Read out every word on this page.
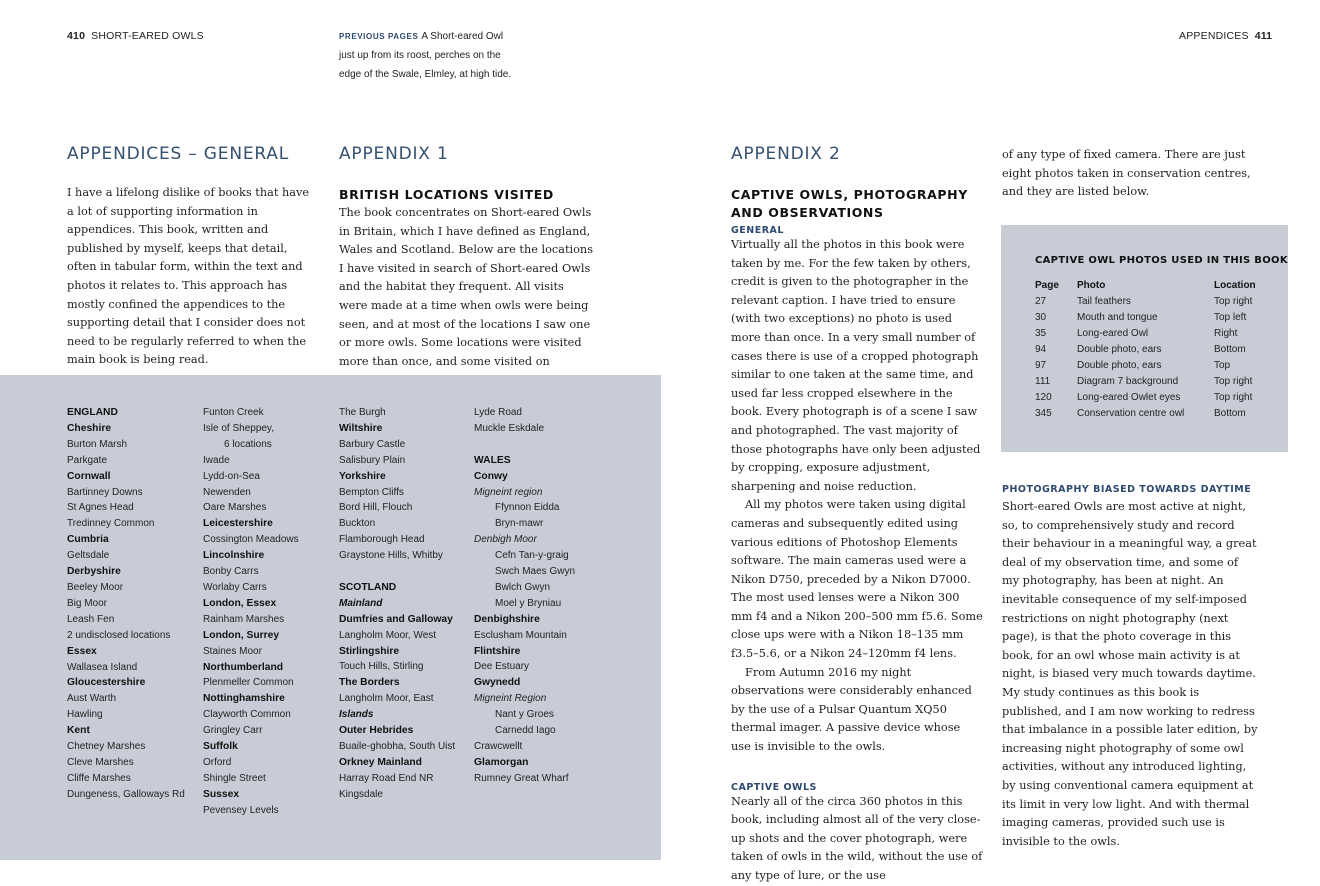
410 SHORT-EARED OWLS	PREVIOUS PAGES A Short-eared Owl just up from its roost, perches on the edge of the Swale, Elmley, at high tide.
APPENDICES – GENERAL

I have a lifelong dislike of books that have a lot of supporting information in appendices. This book, written and published by myself, keeps that detail, often in tabular form, within the text and photos it relates to. This approach has mostly confined the appendices to the supporting detail that I consider does not need to be regularly referred to when the main book is being read.

APPENDIX 1
BRITISH LOCATIONS VISITED

The book concentrates on Short-eared Owls in Britain, which I have defined as England, Wales and Scotland. Below are the locations I have visited in search of Short-eared Owls and the habitat they frequent. All visits were made at a time when owls were being seen, and at most of the locations I saw one or more owls. Some locations were visited more than once, and some visited on

ENGLAND
Cheshire
Burton Marsh
Parkgate
Cornwall
Bartinney Downs
St Agnes Head
Tredinney Common
Cumbria
Geltsdale
Derbyshire
Beeley Moor
Big Moor
Leash Fen
2 undisclosed locations
Essex
Wallasea Island
Gloucestershire
Aust Warth
Hawling
Kent
Chetney Marshes
Cleve Marshes
Cliffe Marshes
Dungeness, Galloways Rd
Funton Creek
Isle of Sheppey,
6 locations
Iwade
Lydd-on-Sea
Newenden
Oare Marshes
Leicestershire
Cossington Meadows
Lincolnshire
Bonby Carrs
Worlaby Carrs
London, Essex
Rainham Marshes
London, Surrey
Staines Moor
Northumberland
Plenmeller Common
Nottinghamshire
Clayworth Common
Gringley Carr
Suffolk
Orford
Shingle Street
Sussex
Pevensey Levels
The Burgh
Wiltshire
Barbury Castle
Salisbury Plain
Yorkshire
Bempton Cliffs
Bord Hill, Flouch
Buckton
Flamborough Head
Graystone Hills, Whitby
SCOTLAND
Mainland
Dumfries and Galloway
Langholm Moor, West
Stirlingshire
Touch Hills, Stirling
The Borders
Langholm Moor, East
Islands
Outer Hebrides
Buaile-ghobha, South Uist
Orkney Mainland
Harray Road End NR
Kingsdale
Lyde Road
Muckle Eskdale
WALES
Conwy
Migneint region
Ffynnon Eidda
Bryn-mawr
Denbigh Moor
Cefn Tan-y-graig
Swch Maes Gwyn
Bwlch Gwyn
Moel y Bryniau
Denbighshire
Esclusham Mountain
Flintshire
Dee Estuary
Gwynedd
Migneint Region
Nant y Groes
Carnedd Iago
Crawcwellt
Glamorgan
Rumney Great Wharf
APPENDICES 411
APPENDIX 2
CAPTIVE OWLS, PHOTOGRAPHY
AND OBSERVATIONS
GENERAL

Virtually all the photos in this book were taken by me. For the few taken by others, credit is given to the photographer in the relevant caption. I have tried to ensure (with two exceptions) no photo is used more than once. In a very small number of cases there is use of a cropped photograph similar to one taken at the same time, and used far less cropped elsewhere in the book. Every photograph is of a scene I saw and photographed. The vast majority of those photographs have only been adjusted by cropping, exposure adjustment, sharpening and noise reduction.

All my photos were taken using digital cameras and subsequently edited using various editions of Photoshop Elements software. The main cameras used were a Nikon D750, preceded by a Nikon D7000. The most used lenses were a Nikon 300 mm f4 and a Nikon 200–500 mm f5.6. Some close ups were with a Nikon 18–135 mm f3.5–5.6, or a Nikon 24–120mm f4 lens.

From Autumn 2016 my night observations were considerably enhanced by the use of a Pulsar Quantum XQ50 thermal imager. A passive device whose use is invisible to the owls.

CAPTIVE OWLS

Nearly all of the circa 360 photos in this book, including almost all of the very close-up shots and the cover photograph, were taken of owls in the wild, without the use of any type of lure, or the use

of any type of fixed camera. There are just eight photos taken in conservation centres, and they are listed below.

CAPTIVE OWL PHOTOS USED IN THIS BOOK
Page	Photo	Location
27	Tail feathers	Top right
30	Mouth and tongue	Top left
35	Long-eared Owl	Right
94	Double photo, ears	Bottom
97	Double photo, ears	Top
111	Diagram 7 background	Top right
120	Long-eared Owlet eyes	Top right
345	Conservation centre owl	Bottom
PHOTOGRAPHY BIASED TOWARDS DAYTIME

Short-eared Owls are most active at night, so, to comprehensively study and record their behaviour in a meaningful way, a great deal of my observation time, and some of my photography, has been at night. An inevitable consequence of my self-imposed restrictions on night photography (next page), is that the photo coverage in this book, for an owl whose main activity is at night, is biased very much towards daytime. My study continues as this book is published, and I am now working to redress that imbalance in a possible later edition, by increasing night photography of some owl activities, without any introduced lighting, by using conventional camera equipment at its limit in very low light. And with thermal imaging cameras, provided such use is invisible to the owls.
